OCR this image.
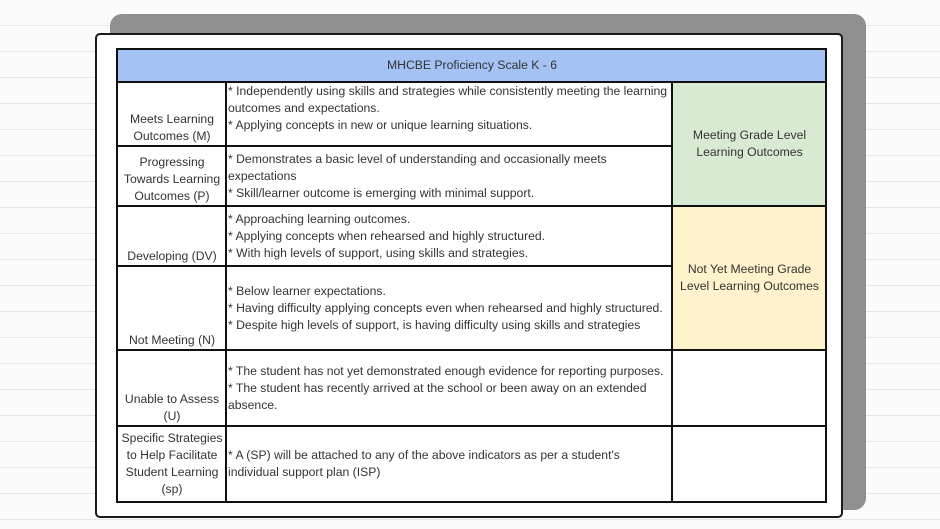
MHCBE Proficiency Scale K - 6		
Meets Learning Outcomes (M)	* Independently using skills and strategies while consistently meeting the learning outcomes and expectations.
* Applying concepts in new or unique learning situations.	Meeting Grade Level Learning Outcomes
Progressing Towards Learning Outcomes (P)	* Demonstrates a basic level of understanding and occasionally meets expectations
* Skill/learner outcome is emerging with minimal support.	

Developing (DV)	* Approaching learning outcomes.
* Applying concepts when rehearsed and highly structured.
* With high levels of support, using skills and strategies.	Not Yet Meeting Grade Level Learning Outcomes
Not Meeting (N)	* Below learner expectations.
* Having difficulty applying concepts even when rehearsed and highly structured.
* Despite high levels of support, is having difficulty using skills and strategies	

Unable to Assess (U)	* The student has not yet demonstrated enough evidence for reporting purposes.
* The student has recently arrived at the school or been away on an extended absence.	

Specific Strategies to Help Facilitate Student Learning (sp)	* A (SP) will be attached to any of the above indicators as per a student's individual support plan (ISP)	
